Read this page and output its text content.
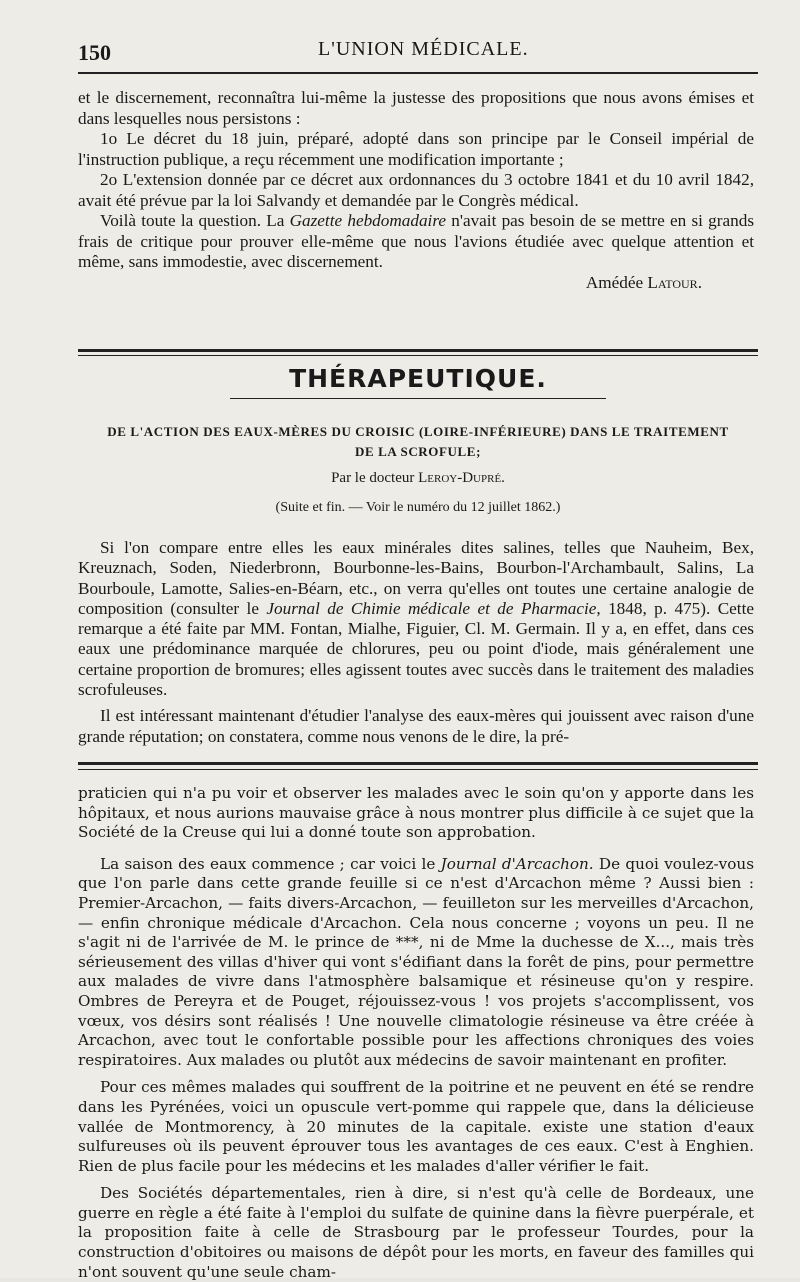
150	L'UNION MÉDICALE.

et le discernement, reconnaîtra lui-même la justesse des propositions que nous avons émises et dans lesquelles nous persistons :

1o Le décret du 18 juin, préparé, adopté dans son principe par le Conseil impérial de l'instruction publique, a reçu récemment une modification importante ;

2o L'extension donnée par ce décret aux ordonnances du 3 octobre 1841 et du 10 avril 1842, avait été prévue par la loi Salvandy et demandée par le Congrès médical.

Voilà toute la question. La Gazette hebdomadaire n'avait pas besoin de se mettre en si grands frais de critique pour prouver elle-même que nous l'avions étudiée avec quelque attention et même, sans immodestie, avec discernement.

Amédée Latour.

THÉRAPEUTIQUE.
DE L'ACTION DES EAUX-MÈRES DU CROISIC (LOIRE-INFÉRIEURE) DANS LE TRAITEMENT
DE LA SCROFULE;
Par le docteur Leroy-Dupré.
(Suite et fin. — Voir le numéro du 12 juillet 1862.)

Si l'on compare entre elles les eaux minérales dites salines, telles que Nauheim, Bex, Kreuznach, Soden, Niederbronn, Bourbonne-les-Bains, Bourbon-l'Archambault, Salins, La Bourboule, Lamotte, Salies-en-Béarn, etc., on verra qu'elles ont toutes une certaine analogie de composition (consulter le Journal de Chimie médicale et de Pharmacie, 1848, p. 475). Cette remarque a été faite par MM. Fontan, Mialhe, Figuier, Cl. M. Germain. Il y a, en effet, dans ces eaux une prédominance marquée de chlorures, peu ou point d'iode, mais généralement une certaine proportion de bromures; elles agissent toutes avec succès dans le traitement des maladies scrofuleuses.

Il est intéressant maintenant d'étudier l'analyse des eaux-mères qui jouissent avec raison d'une grande réputation; on constatera, comme nous venons de le dire, la pré-

praticien qui n'a pu voir et observer les malades avec le soin qu'on y apporte dans les hôpitaux, et nous aurions mauvaise grâce à nous montrer plus difficile à ce sujet que la Société de la Creuse qui lui a donné toute son approbation.

La saison des eaux commence ; car voici le Journal d'Arcachon. De quoi voulez-vous que l'on parle dans cette grande feuille si ce n'est d'Arcachon même ? Aussi bien : Premier-Arcachon, — faits divers-Arcachon, — feuilleton sur les merveilles d'Arcachon, — enfin chronique médicale d'Arcachon. Cela nous concerne ; voyons un peu. Il ne s'agit ni de l'arrivée de M. le prince de ***, ni de Mme la duchesse de X..., mais très sérieusement des villas d'hiver qui vont s'édifiant dans la forêt de pins, pour permettre aux malades de vivre dans l'atmosphère balsamique et résineuse qu'on y respire. Ombres de Pereyra et de Pouget, réjouissez-vous ! vos projets s'accomplissent, vos vœux, vos désirs sont réalisés ! Une nouvelle climatologie résineuse va être créée à Arcachon, avec tout le confortable possible pour les affections chroniques des voies respiratoires. Aux malades ou plutôt aux médecins de savoir maintenant en profiter.

Pour ces mêmes malades qui souffrent de la poitrine et ne peuvent en été se rendre dans les Pyrénées, voici un opuscule vert-pomme qui rappele que, dans la délicieuse vallée de Montmorency, à 20 minutes de la capitale. existe une station d'eaux sulfureuses où ils peuvent éprouver tous les avantages de ces eaux. C'est à Enghien. Rien de plus facile pour les médecins et les malades d'aller vérifier le fait.

Des Sociétés départementales, rien à dire, si n'est qu'à celle de Bordeaux, une guerre en règle a été faite à l'emploi du sulfate de quinine dans la fièvre puerpérale, et la proposition faite à celle de Strasbourg par le professeur Tourdes, pour la construction d'obitoires ou maisons de dépôt pour les morts, en faveur des familles qui n'ont souvent qu'une seule cham-
